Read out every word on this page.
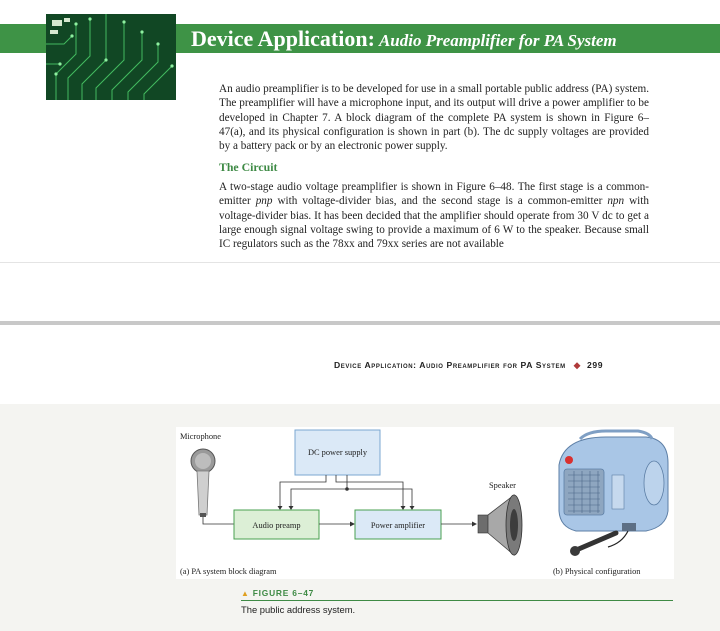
Device Application: Audio Preamplifier for PA System

An audio preamplifier is to be developed for use in a small portable public address (PA) system. The preamplifier will have a microphone input, and its output will drive a power amplifier to be developed in Chapter 7. A block diagram of the complete PA system is shown in Figure 6–47(a), and its physical configuration is shown in part (b). The dc supply voltages are provided by a battery pack or by an electronic power supply.

The Circuit

A two-stage audio voltage preamplifier is shown in Figure 6–48. The first stage is a common-emitter pnp with voltage-divider bias, and the second stage is a common-emitter npn with voltage-divider bias. It has been decided that the amplifier should operate from 30 V dc to get a large enough signal voltage swing to provide a maximum of 6 W to the speaker. Because small IC regulators such as the 78xx and 79xx series are not available

Device Application: Audio Preamplifier for PA System ◆ 299
Microphone
DC power supply
Audio preamp	Power amplifier
Speaker
(a) PA system block diagram	(b) Physical configuration
▲ FIGURE 6–47
The public address system.
